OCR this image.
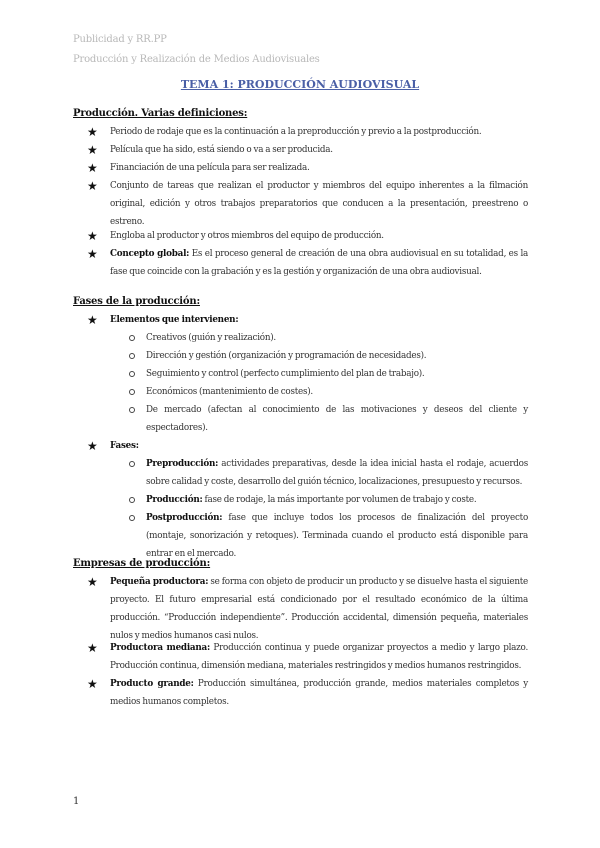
Publicidad y RR.PP
Producción y Realización de Medios Audiovisuales
TEMA 1: PRODUCCIÓN AUDIOVISUAL
Producción. Varias definiciones:
★ Periodo de rodaje que es la continuación a la preproducción y previo a la postproducción.
★ Película que ha sido, está siendo o va a ser producida.
★ Financiación de una película para ser realizada.
★ Conjunto de tareas que realizan el productor y miembros del equipo inherentes a la filmación original, edición y otros trabajos preparatorios que conducen a la presentación, preestreno o estreno.
★ Engloba al productor y otros miembros del equipo de producción.
★ Concepto global: Es el proceso general de creación de una obra audiovisual en su totalidad, es la fase que coincide con la grabación y es la gestión y organización de una obra audiovisual.
Fases de la producción:
★ Elementos que intervienen:
Creativos (guión y realización).
Dirección y gestión (organización y programación de necesidades).
Seguimiento y control (perfecto cumplimiento del plan de trabajo).
Económicos (mantenimiento de costes).
De mercado (afectan al conocimiento de las motivaciones y deseos del cliente y espectadores).
★ Fases:
Preproducción: actividades preparativas, desde la idea inicial hasta el rodaje, acuerdos sobre calidad y coste, desarrollo del guión técnico, localizaciones, presupuesto y recursos.
Producción: fase de rodaje, la más importante por volumen de trabajo y coste.
Postproducción: fase que incluye todos los procesos de finalización del proyecto (montaje, sonorización y retoques). Terminada cuando el producto está disponible para entrar en el mercado.
Empresas de producción:
★ Pequeña productora: se forma con objeto de producir un producto y se disuelve hasta el siguiente proyecto. El futuro empresarial está condicionado por el resultado económico de la última producción. “Producción independiente”. Producción accidental, dimensión pequeña, materiales nulos y medios humanos casi nulos.
★ Productora mediana: Producción continua y puede organizar proyectos a medio y largo plazo. Producción continua, dimensión mediana, materiales restringidos y medios humanos restringidos.
★ Producto grande: Producción simultánea, producción grande, medios materiales completos y medios humanos completos.
1
